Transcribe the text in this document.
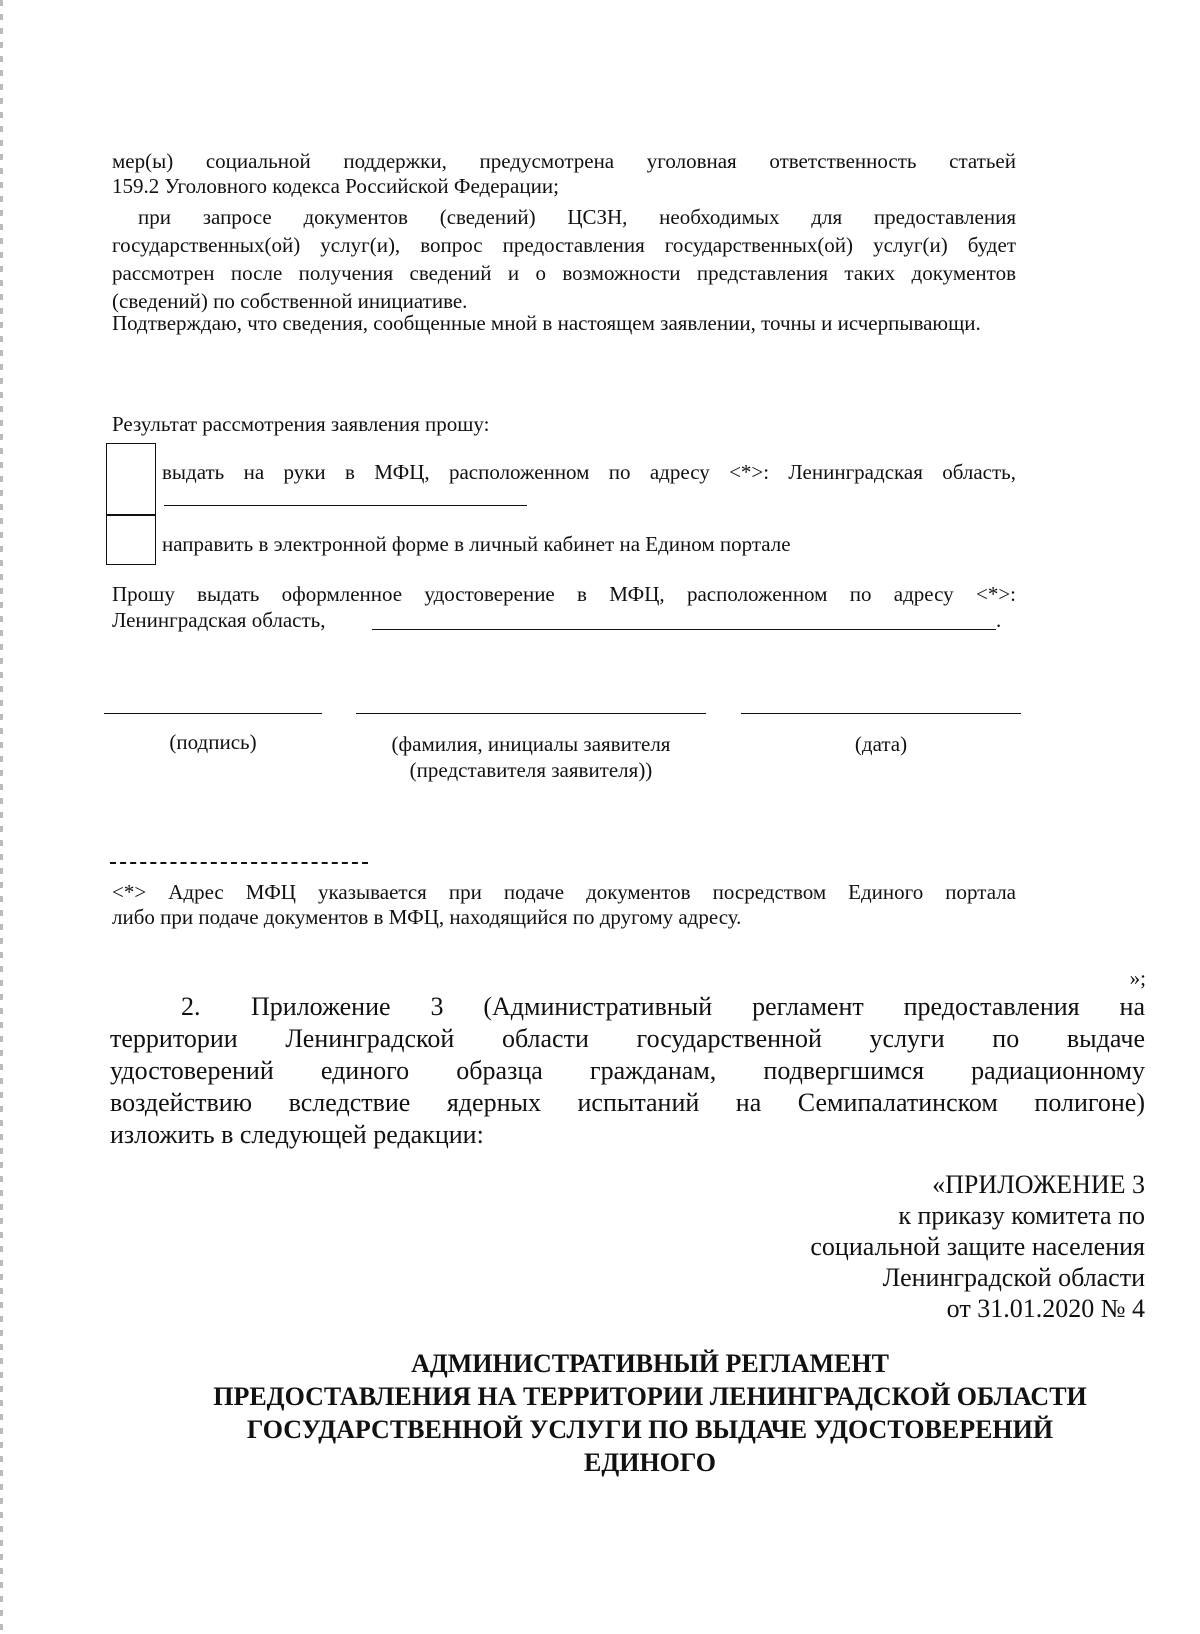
мер(ы) социальной поддержки, предусмотрена уголовная ответственность статьей

159.2 Уголовного кодекса Российской Федерации;

при запросе документов (сведений) ЦСЗН, необходимых для предоставления государственных(ой) услуг(и), вопрос предоставления государственных(ой) услуг(и) будет рассмотрен после получения сведений и о возможности представления таких документов (сведений) по собственной инициативе.

Подтверждаю, что сведения, сообщенные мной в настоящем заявлении, точны и исчерпывающи.

Результат рассмотрения заявления прошу:

выдать на руки в МФЦ, расположенном по адресу <*>: Ленинградская область,

направить в электронной форме в личный кабинет на Едином портале

Прошу выдать оформленное удостоверение в МФЦ, расположенном по адресу <*>:

Ленинградская область,	.

(подпись)	(фамилия, инициалы заявителя
(представителя заявителя))
(дата)

<*> Адрес МФЦ указывается при подаче документов посредством Единого портала

либо при подаче документов в МФЦ, находящийся по другому адресу.

»;

2.	Приложение 3 (Административный регламент предоставления на

территории Ленинградской области государственной услуги по выдаче

удостоверений единого образца гражданам, подвергшимся радиационному

воздействию вследствие ядерных испытаний на Семипалатинском полигоне)

изложить в следующей редакции:

«ПРИЛОЖЕНИЕ 3

к приказу комитета по

социальной защите населения

Ленинградской области

от 31.01.2020 № 4

АДМИНИСТРАТИВНЫЙ РЕГЛАМЕНТ

ПРЕДОСТАВЛЕНИЯ НА ТЕРРИТОРИИ ЛЕНИНГРАДСКОЙ ОБЛАСТИ

ГОСУДАРСТВЕННОЙ УСЛУГИ ПО ВЫДАЧЕ УДОСТОВЕРЕНИЙ

ЕДИНОГО
